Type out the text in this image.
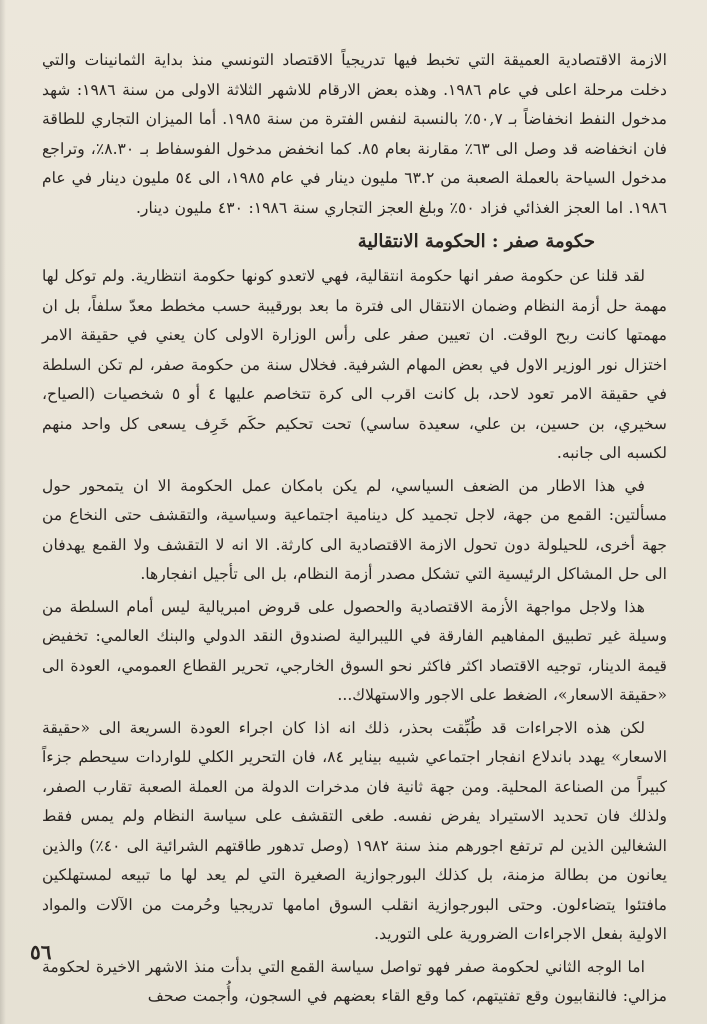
الازمة الاقتصادية العميقة التي تخبط فيها تدريجياً الاقتصاد التونسي منذ بداية الثمانينات والتي دخلت مرحلة اعلى في عام ١٩٨٦. وهذه بعض الارقام للاشهر الثلاثة الاولى من سنة ١٩٨٦: شهد مدخول النفط انخفاضاً بـ ٥٠,٧٪ بالنسبة لنفس الفترة من سنة ١٩٨٥. أما الميزان التجاري للطاقة فان انخفاضه قد وصل الى ٦٣٪ مقارنة بعام ٨٥. كما انخفض مدخول الفوسفاط بـ ٨.٣٠٪، وتراجع مدخول السياحة بالعملة الصعبة من ٦٣.٢ مليون دينار في عام ١٩٨٥، الى ٥٤ مليون دينار في عام ١٩٨٦. اما العجز الغذائي فزاد ٥٠٪ وبلغ العجز التجاري سنة ١٩٨٦: ٤٣٠ مليون دينار.

حكومة صفر : الحكومة الانتقالية

لقد قلنا عن حكومة صفر انها حكومة انتقالية، فهي لاتعدو كونها حكومة انتظارية. ولم توكل لها مهمة حل أزمة النظام وضمان الانتقال الى فترة ما بعد بورقيبة حسب مخطط معدّ سلفاً، بل ان مهمتها كانت ربح الوقت. ان تعيين صفر على رأس الوزارة الاولى كان يعني في حقيقة الامر اختزال نور الوزير الاول في بعض المهام الشرفية. فخلال سنة من حكومة صفر، لم تكن السلطة في حقيقة الامر تعود لاحد، بل كانت اقرب الى كرة تتخاصم عليها ٤ أو ٥ شخصيات (الصياح، سخيري، بن حسين، بن علي، سعيدة ساسي) تحت تحكيم حكَم خَرِف يسعى كل واحد منهم لكسبه الى جانبه.

في هذا الاطار من الضعف السياسي، لم يكن بامكان عمل الحكومة الا ان يتمحور حول مسألتين: القمع من جهة، لاجل تجميد كل دينامية اجتماعية وسياسية، والتقشف حتى النخاع من جهة أخرى، للحيلولة دون تحول الازمة الاقتصادية الى كارثة. الا انه لا التقشف ولا القمع يهدفان الى حل المشاكل الرئيسية التي تشكل مصدر أزمة النظام، بل الى تأجيل انفجارها.

هذا ولاجل مواجهة الأزمة الاقتصادية والحصول على قروض امبريالية ليس أمام السلطة من وسيلة غير تطبيق المفاهيم الفارقة في الليبرالية لصندوق النقد الدولي والبنك العالمي: تخفيض قيمة الدينار، توجيه الاقتصاد اكثر فاكثر نحو السوق الخارجي، تحرير القطاع العمومي، العودة الى «حقيقة الاسعار»، الضغط على الاجور والاستهلاك...

لكن هذه الاجراءات قد طُبِّقت بحذر، ذلك انه اذا كان اجراء العودة السريعة الى «حقيقة الاسعار» يهدد باندلاع انفجار اجتماعي شبيه بيناير ٨٤، فان التحرير الكلي للواردات سيحطم جزءاً كبيراً من الصناعة المحلية. ومن جهة ثانية فان مدخرات الدولة من العملة الصعبة تقارب الصفر، ولذلك فان تحديد الاستيراد يفرض نفسه. طغى التقشف على سياسة النظام ولم يمس فقط الشغالين الذين لم ترتفع اجورهم منذ سنة ١٩٨٢ (وصل تدهور طاقتهم الشرائية الى ٤٠٪) والذين يعانون من بطالة مزمنة، بل كذلك البورجوازية الصغيرة التي لم يعد لها ما تبيعه لمستهلكين مافتئوا يتضاءلون. وحتى البورجوازية انقلب السوق امامها تدريجيا وحُرمت من الآلات والمواد الاولية بفعل الاجراءات الضرورية على التوريد.

اما الوجه الثاني لحكومة صفر فهو تواصل سياسة القمع التي بدأت منذ الاشهر الاخيرة لحكومة مزالي: فالنقابيون وقع تفتيتهم، كما وقع القاء بعضهم في السجون، وأُجمت صحف

٥٦
